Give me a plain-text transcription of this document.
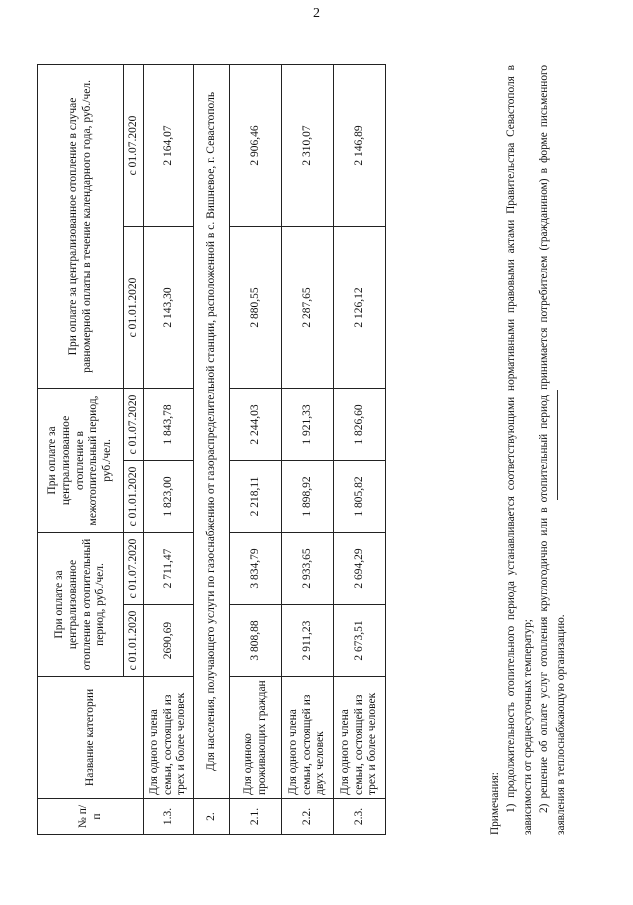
2
№ п/п	Название категории	При оплате за централизованное отопление в отопительный период, руб./чел.		При оплате за централизованное отопление в межотопительный период, руб./чел.		При оплате за централизованное отопление в случае равномерной оплаты в течение календарного года, руб./чел.	
		с 01.01.2020	с 01.07.2020	с 01.01.2020	с 01.07.2020	с 01.01.2020	с 01.07.2020
1.3.	Для одного члена семьи, состоящей из трех и более человек	2690,69	2 711,47	1 823,00	1 843,78	2 143,30	2 164,07
2.	Для населения, получающего услуги по газоснабжению от газораспределительной станции, расположенной в с. Вишневое, г. Севастополь						
2.1.	Для одиноко проживающих граждан	3 808,88	3 834,79	2 218,11	2 244,03	2 880,55	2 906,46
2.2.	Для одного члена семьи, состоящей из двух человек	2 911,23	2 933,65	1 898,92	1 921,33	2 287,65	2 310,07
2.3.	Для одного члена семьи, состоящей из трех и более человек	2 673,51	2 694,29	1 805,82	1 826,60	2 126,12	2 146,89

Примечания: 1) продолжительность отопительного периода устанавливается соответствующими нормативными правовыми актами Правительства Севастополя в зависимости от среднесуточных температур; 2) решение об оплате услуг отопления круглогодично или в отопительный период принимается потребителем (гражданином) в форме письменного заявления в теплоснабжающую организацию.
